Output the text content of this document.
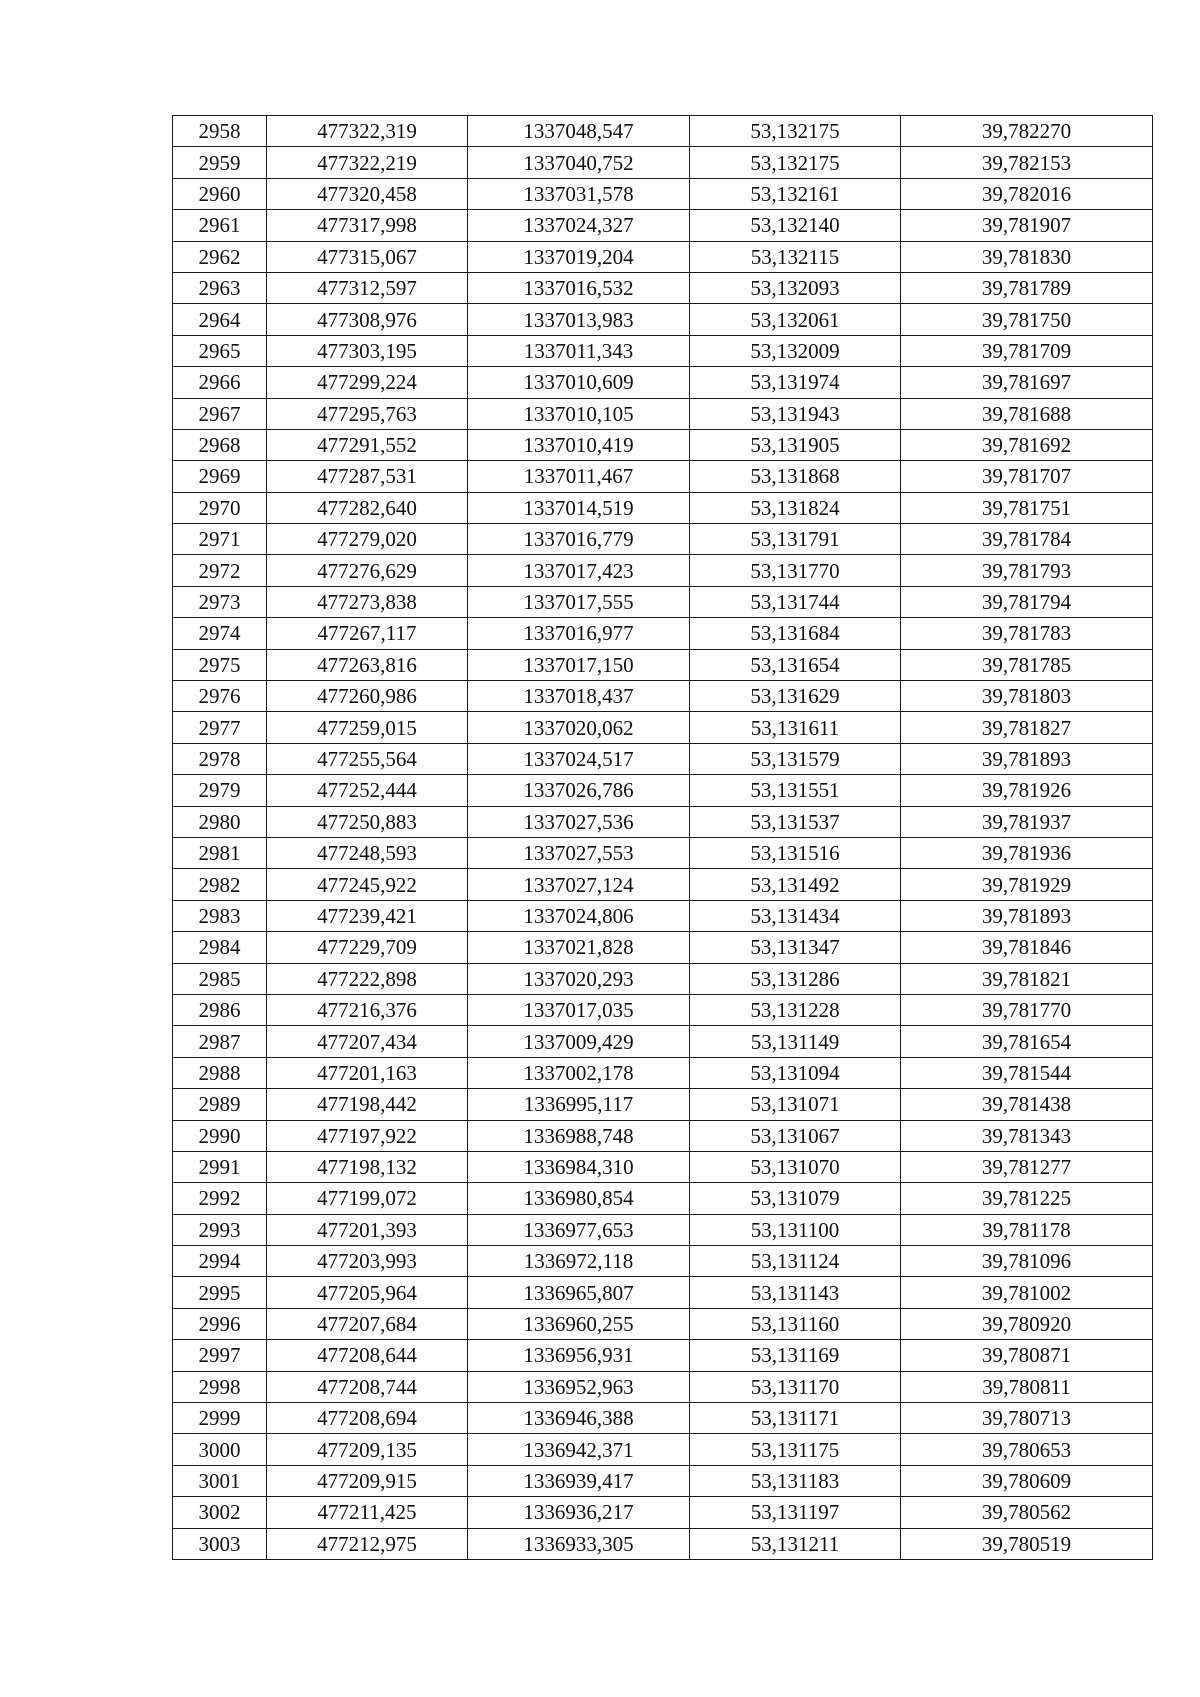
2958	477322,319	1337048,547	53,132175	39,782270
2959	477322,219	1337040,752	53,132175	39,782153
2960	477320,458	1337031,578	53,132161	39,782016
2961	477317,998	1337024,327	53,132140	39,781907
2962	477315,067	1337019,204	53,132115	39,781830
2963	477312,597	1337016,532	53,132093	39,781789
2964	477308,976	1337013,983	53,132061	39,781750
2965	477303,195	1337011,343	53,132009	39,781709
2966	477299,224	1337010,609	53,131974	39,781697
2967	477295,763	1337010,105	53,131943	39,781688
2968	477291,552	1337010,419	53,131905	39,781692
2969	477287,531	1337011,467	53,131868	39,781707
2970	477282,640	1337014,519	53,131824	39,781751
2971	477279,020	1337016,779	53,131791	39,781784
2972	477276,629	1337017,423	53,131770	39,781793
2973	477273,838	1337017,555	53,131744	39,781794
2974	477267,117	1337016,977	53,131684	39,781783
2975	477263,816	1337017,150	53,131654	39,781785
2976	477260,986	1337018,437	53,131629	39,781803
2977	477259,015	1337020,062	53,131611	39,781827
2978	477255,564	1337024,517	53,131579	39,781893
2979	477252,444	1337026,786	53,131551	39,781926
2980	477250,883	1337027,536	53,131537	39,781937
2981	477248,593	1337027,553	53,131516	39,781936
2982	477245,922	1337027,124	53,131492	39,781929
2983	477239,421	1337024,806	53,131434	39,781893
2984	477229,709	1337021,828	53,131347	39,781846
2985	477222,898	1337020,293	53,131286	39,781821
2986	477216,376	1337017,035	53,131228	39,781770
2987	477207,434	1337009,429	53,131149	39,781654
2988	477201,163	1337002,178	53,131094	39,781544
2989	477198,442	1336995,117	53,131071	39,781438
2990	477197,922	1336988,748	53,131067	39,781343
2991	477198,132	1336984,310	53,131070	39,781277
2992	477199,072	1336980,854	53,131079	39,781225
2993	477201,393	1336977,653	53,131100	39,781178
2994	477203,993	1336972,118	53,131124	39,781096
2995	477205,964	1336965,807	53,131143	39,781002
2996	477207,684	1336960,255	53,131160	39,780920
2997	477208,644	1336956,931	53,131169	39,780871
2998	477208,744	1336952,963	53,131170	39,780811
2999	477208,694	1336946,388	53,131171	39,780713
3000	477209,135	1336942,371	53,131175	39,780653
3001	477209,915	1336939,417	53,131183	39,780609
3002	477211,425	1336936,217	53,131197	39,780562
3003	477212,975	1336933,305	53,131211	39,780519
